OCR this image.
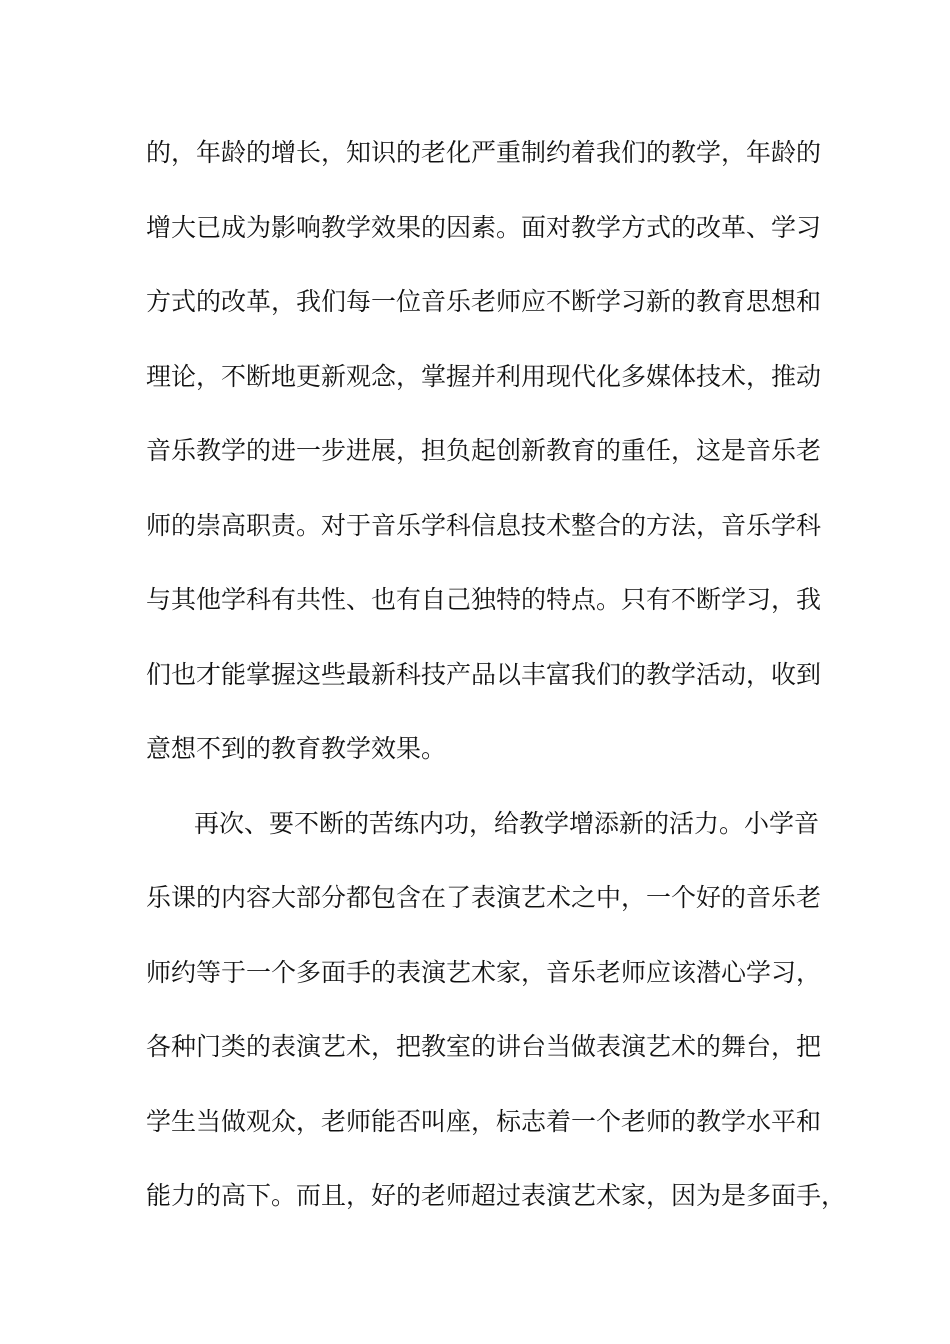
的，年龄的增长，知识的老化严重制约着我们的教学，年龄的
增大已成为影响教学效果的因素。面对教学方式的改革、学习
方式的改革，我们每一位音乐老师应不断学习新的教育思想和
理论，不断地更新观念，掌握并利用现代化多媒体技术，推动
音乐教学的进一步进展，担负起创新教育的重任，这是音乐老
师的崇高职责。对于音乐学科信息技术整合的方法，音乐学科
与其他学科有共性、也有自己独特的特点。只有不断学习，我
们也才能掌握这些最新科技产品以丰富我们的教学活动，收到
意想不到的教育教学效果。
再次、要不断的苦练内功，给教学增添新的活力。小学音
乐课的内容大部分都包含在了表演艺术之中，一个好的音乐老
师约等于一个多面手的表演艺术家，音乐老师应该潜心学习，
各种门类的表演艺术，把教室的讲台当做表演艺术的舞台，把
学生当做观众，老师能否叫座，标志着一个老师的教学水平和
能力的高下。而且，好的老师超过表演艺术家，因为是多面手，
